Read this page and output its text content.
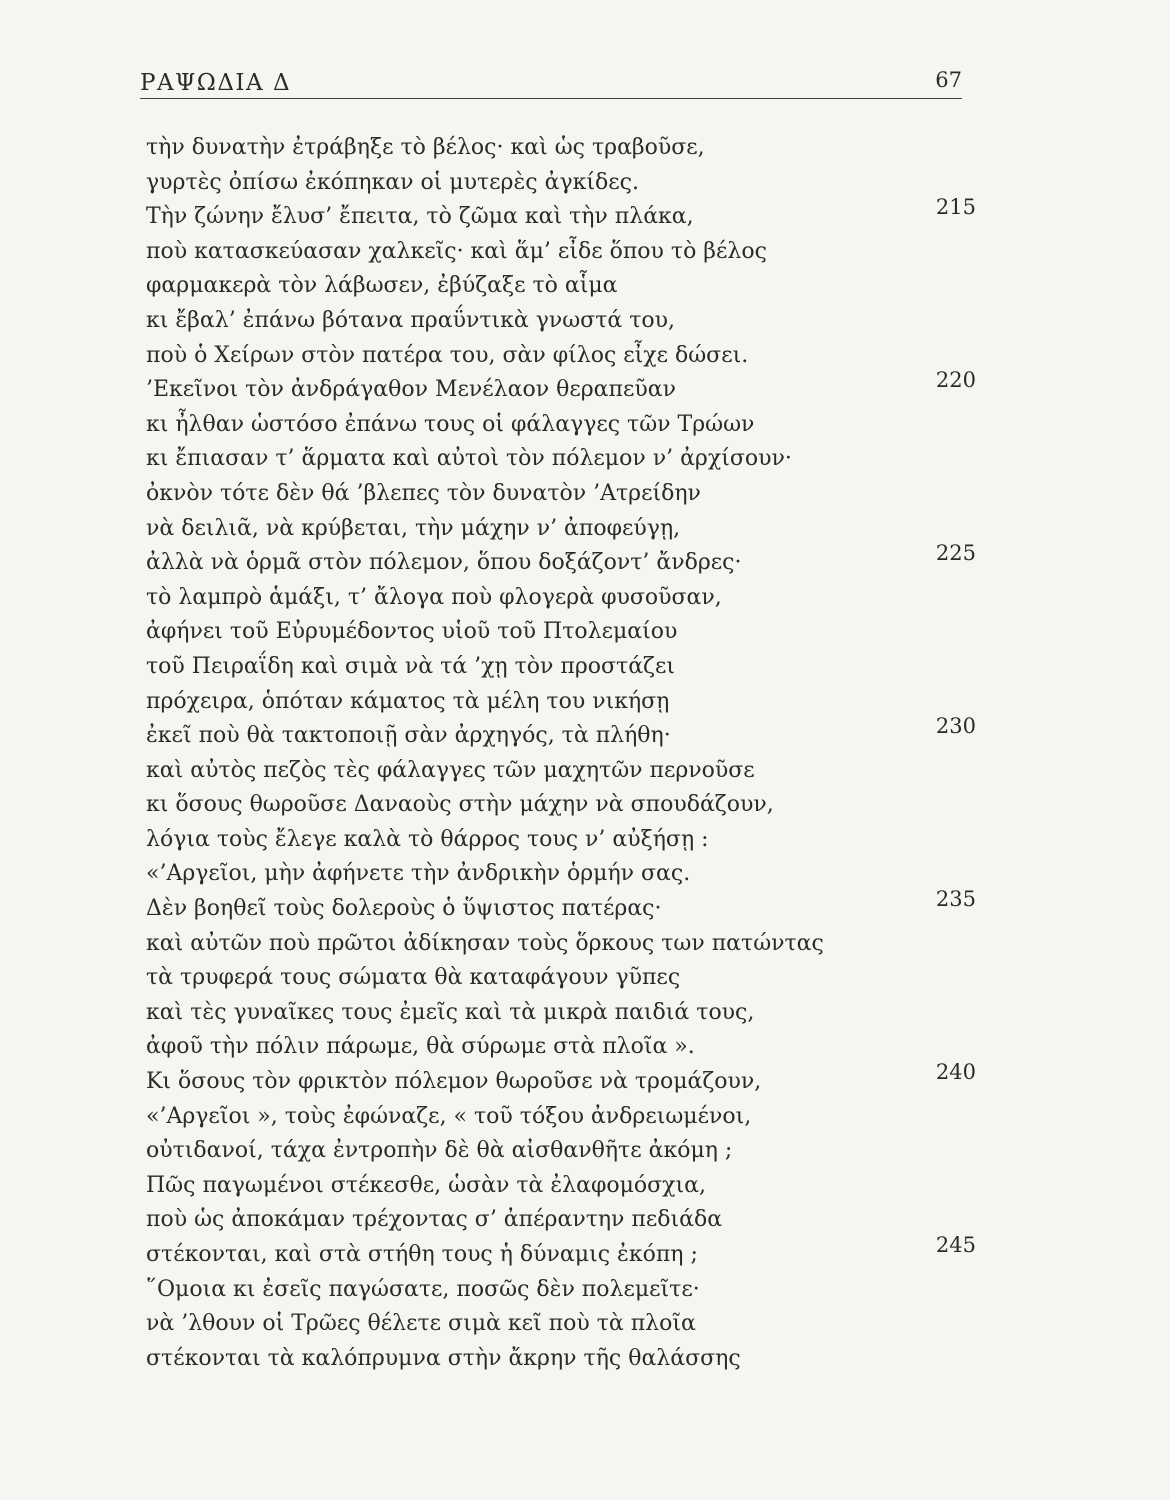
ΡΑΨΩΔΙΑ Δ	67
τὴν δυνατὴν ἐτράβηξε τὸ βέλος· καὶ ὡς τραβοῦσε,
γυρτὲς ὀπίσω ἐκόπηκαν οἱ μυτερὲς ἀγκίδες.
Τὴν ζώνην ἔλυσ’ ἔπειτα, τὸ ζῶμα καὶ τὴν πλάκα,	215
ποὺ κατασκεύασαν χαλκεῖς· καὶ ἅμ’ εἶδε ὅπου τὸ βέλος
φαρμακερὰ τὸν λάβωσεν, ἐβύζαξε τὸ αἷμα
κι ἔβαλ’ ἐπάνω βότανα πραΰντικὰ γνωστά του,
ποὺ ὁ Χείρων στὸν πατέρα του, σὰν φίλος εἶχε δώσει.
’Εκεῖνοι τὸν ἀνδράγαθον Μενέλαον θεραπεῦαν	220
κι ἦλθαν ὡστόσο ἐπάνω τους οἱ φάλαγγες τῶν Τρώων
κι ἔπιασαν τ’ ἅρματα καὶ αὐτοὶ τὸν πόλεμον ν’ ἀρχίσουν·
ὀκνὸν τότε δὲν θά ’βλεπες τὸν δυνατὸν ’Ατρείδην
νὰ δειλιᾶ, νὰ κρύβεται, τὴν μάχην ν’ ἀποφεύγῃ,
ἀλλὰ νὰ ὁρμᾶ στὸν πόλεμον, ὅπου δοξάζοντ’ ἄνδρες·	225
τὸ λαμπρὸ ἁμάξι, τ’ ἄλογα ποὺ φλογερὰ φυσοῦσαν,
ἀφήνει τοῦ Εὐρυμέδοντος υἱοῦ τοῦ Πτολεμαίου
τοῦ Πειραΐδη καὶ σιμὰ νὰ τά ’χῃ τὸν προστάζει
πρόχειρα, ὁπόταν κάματος τὰ μέλη του νικήσῃ
ἐκεῖ ποὺ θὰ τακτοποιῇ σὰν ἀρχηγός, τὰ πλήθη·	230
καὶ αὐτὸς πεζὸς τὲς φάλαγγες τῶν μαχητῶν περνοῦσε
κι ὅσους θωροῦσε Δαναοὺς στὴν μάχην νὰ σπουδάζουν,
λόγια τοὺς ἔλεγε καλὰ τὸ θάρρος τους ν’ αὐξήσῃ :
«’Αργεῖοι, μὴν ἀφήνετε τὴν ἀνδρικὴν ὁρμήν σας.
Δὲν βοηθεῖ τοὺς δολεροὺς ὁ ὕψιστος πατέρας·	235
καὶ αὐτῶν ποὺ πρῶτοι ἀδίκησαν τοὺς ὅρκους των πατώντας
τὰ τρυφερά τους σώματα θὰ καταφάγουν γῦπες
καὶ τὲς γυναῖκες τους ἐμεῖς καὶ τὰ μικρὰ παιδιά τους,
ἀφοῦ τὴν πόλιν πάρωμε, θὰ σύρωμε στὰ πλοῖα ».
Κι ὅσους τὸν φρικτὸν πόλεμον θωροῦσε νὰ τρομάζουν,	240
«’Αργεῖοι », τοὺς ἐφώναζε, « τοῦ τόξου ἀνδρειωμένοι,
οὐτιδανοί, τάχα ἐντροπὴν δὲ θὰ αἰσθανθῆτε ἀκόμη ;
Πῶς παγωμένοι στέκεσθε, ὡσὰν τὰ ἐλαφομόσχια,
ποὺ ὡς ἀποκάμαν τρέχοντας σ’ ἀπέραντην πεδιάδα
στέκονται, καὶ στὰ στήθη τους ἡ δύναμις ἐκόπη ;	245
῞Ομοια κι ἐσεῖς παγώσατε, ποσῶς δὲν πολεμεῖτε·
νὰ ’λθουν οἱ Τρῶες θέλετε σιμὰ κεῖ ποὺ τὰ πλοῖα
στέκονται τὰ καλόπρυμνα στὴν ἄκρην τῆς θαλάσσης
